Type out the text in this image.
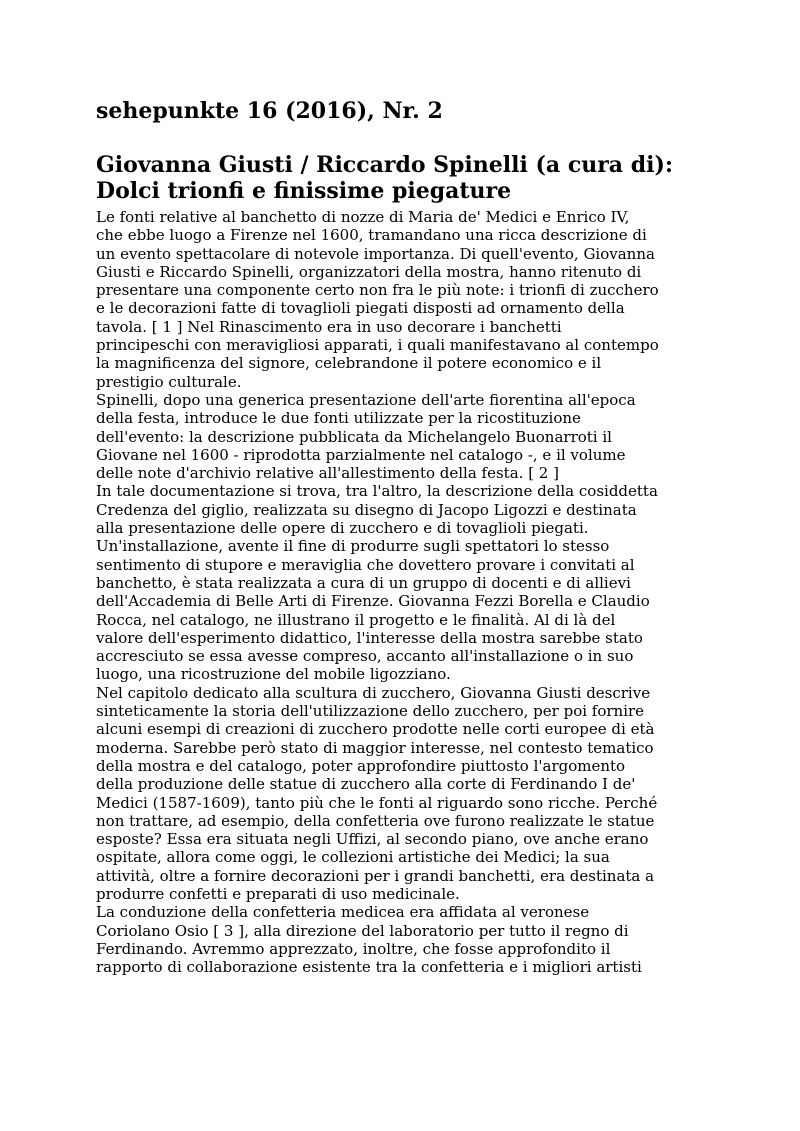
sehepunkte 16 (2016), Nr. 2
Giovanna Giusti / Riccardo Spinelli (a cura di):
Dolci trionfi e finissime piegature
Le fonti relative al banchetto di nozze di Maria de' Medici e Enrico IV,
che ebbe luogo a Firenze nel 1600, tramandano una ricca descrizione di
un evento spettacolare di notevole importanza. Di quell'evento, Giovanna
Giusti e Riccardo Spinelli, organizzatori della mostra, hanno ritenuto di
presentare una componente certo non fra le più note: i trionfi di zucchero
e le decorazioni fatte di tovaglioli piegati disposti ad ornamento della
tavola. [ 1 ] Nel Rinascimento era in uso decorare i banchetti
principeschi con meravigliosi apparati, i quali manifestavano al contempo
la magnificenza del signore, celebrandone il potere economico e il
prestigio culturale.
Spinelli, dopo una generica presentazione dell'arte fiorentina all'epoca
della festa, introduce le due fonti utilizzate per la ricostituzione
dell'evento: la descrizione pubblicata da Michelangelo Buonarroti il
Giovane nel 1600 - riprodotta parzialmente nel catalogo -, e il volume
delle note d'archivio relative all'allestimento della festa. [ 2 ]
In tale documentazione si trova, tra l'altro, la descrizione della cosiddetta
Credenza del giglio, realizzata su disegno di Jacopo Ligozzi e destinata
alla presentazione delle opere di zucchero e di tovaglioli piegati.
Un'installazione, avente il fine di produrre sugli spettatori lo stesso
sentimento di stupore e meraviglia che dovettero provare i convitati al
banchetto, è stata realizzata a cura di un gruppo di docenti e di allievi
dell'Accademia di Belle Arti di Firenze. Giovanna Fezzi Borella e Claudio
Rocca, nel catalogo, ne illustrano il progetto e le finalità. Al di là del
valore dell'esperimento didattico, l'interesse della mostra sarebbe stato
accresciuto se essa avesse compreso, accanto all'installazione o in suo
luogo, una ricostruzione del mobile ligozziano.
Nel capitolo dedicato alla scultura di zucchero, Giovanna Giusti descrive
sinteticamente la storia dell'utilizzazione dello zucchero, per poi fornire
alcuni esempi di creazioni di zucchero prodotte nelle corti europee di età
moderna. Sarebbe però stato di maggior interesse, nel contesto tematico
della mostra e del catalogo, poter approfondire piuttosto l'argomento
della produzione delle statue di zucchero alla corte di Ferdinando I de'
Medici (1587-1609), tanto più che le fonti al riguardo sono ricche. Perché
non trattare, ad esempio, della confetteria ove furono realizzate le statue
esposte? Essa era situata negli Uffizi, al secondo piano, ove anche erano
ospitate, allora come oggi, le collezioni artistiche dei Medici; la sua
attività, oltre a fornire decorazioni per i grandi banchetti, era destinata a
produrre confetti e preparati di uso medicinale.
La conduzione della confetteria medicea era affidata al veronese
Coriolano Osio [ 3 ], alla direzione del laboratorio per tutto il regno di
Ferdinando. Avremmo apprezzato, inoltre, che fosse approfondito il
rapporto di collaborazione esistente tra la confetteria e i migliori artisti
